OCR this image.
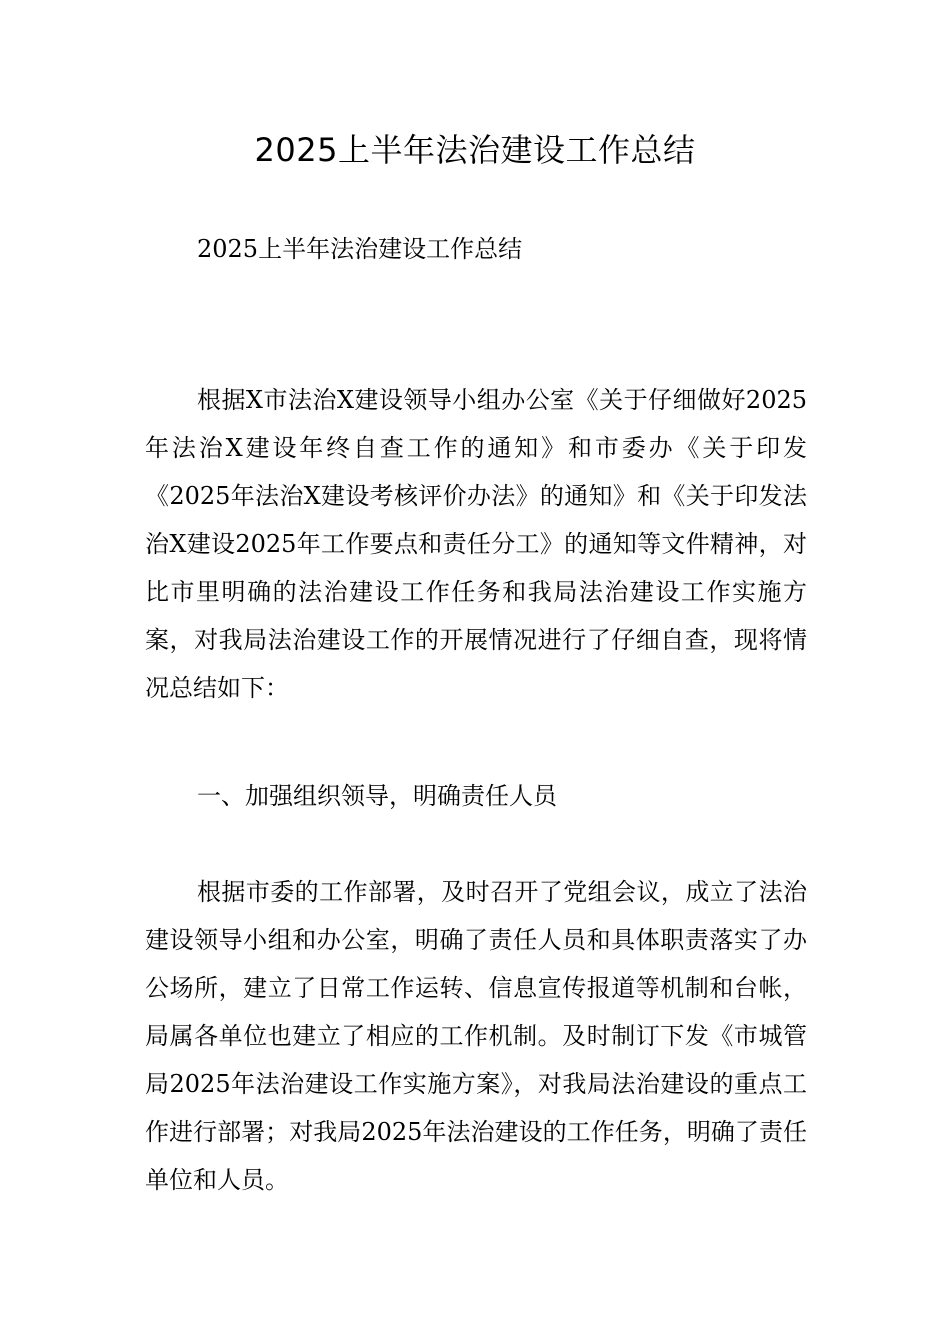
2025上半年法治建设工作总结

2025上半年法治建设工作总结

根据X市法治X建设领导小组办公室《关于仔细做好2025年法治X建设年终自查工作的通知》和市委办《关于印发《2025年法治X建设考核评价办法》的通知》和《关于印发法治X建设2025年工作要点和责任分工》的通知等文件精神，对比市里明确的法治建设工作任务和我局法治建设工作实施方案，对我局法治建设工作的开展情况进行了仔细自查，现将情况总结如下：

一、加强组织领导，明确责任人员

根据市委的工作部署，及时召开了党组会议，成立了法治建设领导小组和办公室，明确了责任人员和具体职责落实了办公场所，建立了日常工作运转、信息宣传报道等机制和台帐，局属各单位也建立了相应的工作机制。及时制订下发《市城管局2025年法治建设工作实施方案》，对我局法治建设的重点工作进行部署；对我局2025年法治建设的工作任务，明确了责任单位和人员。
